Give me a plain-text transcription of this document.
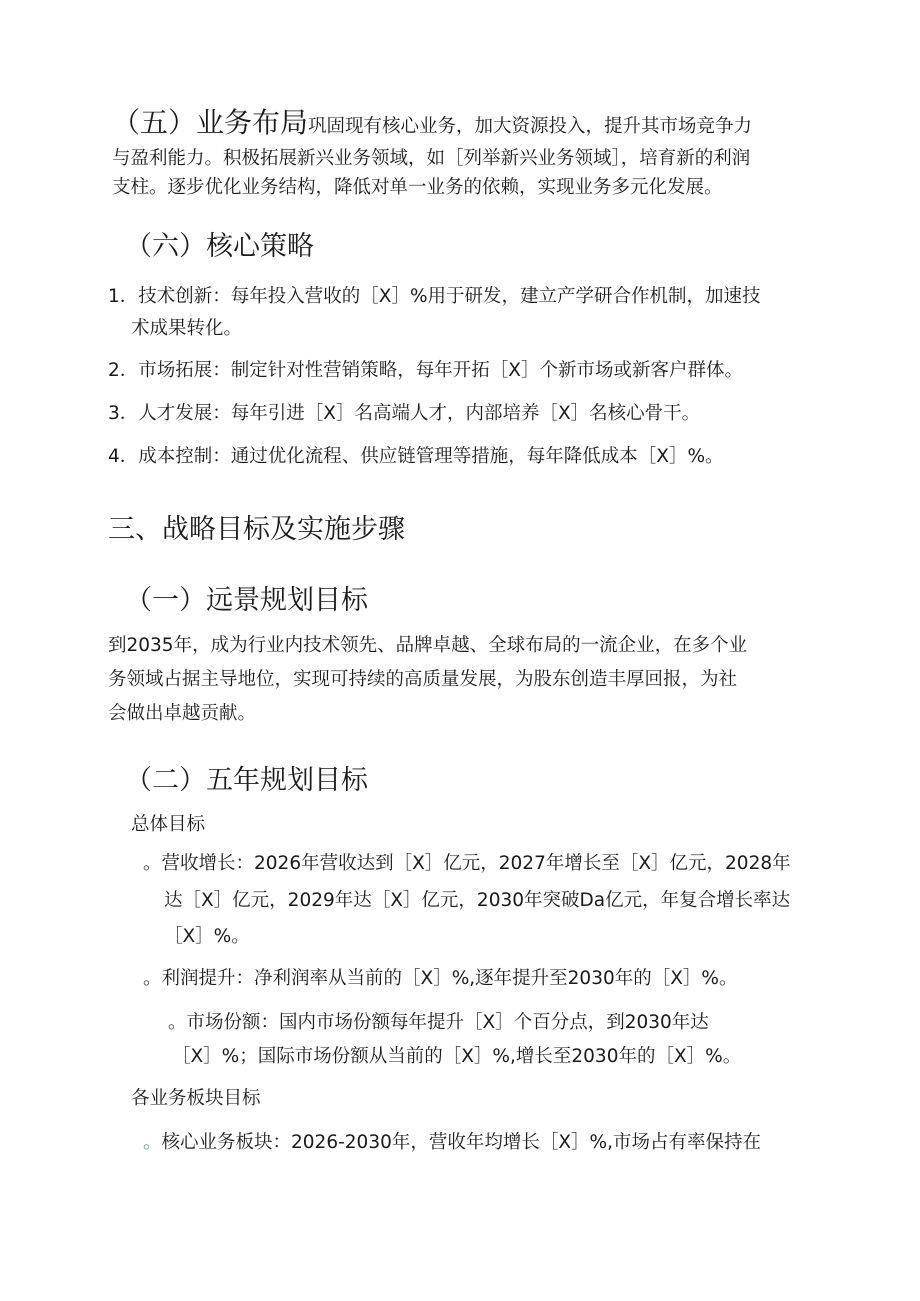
（五）业务布局巩固现有核心业务，加大资源投入，提升其市场竞争力

与盈利能力。积极拓展新兴业务领域，如［列举新兴业务领域］，培育新的利润

支柱。逐步优化业务结构，降低对单一业务的依赖，实现业务多元化发展。

（六）核心策略

1．技术创新：每年投入营收的［X］%用于研发，建立产学研合作机制，加速技

术成果转化。

2．市场拓展：制定针对性营销策略，每年开拓［X］个新市场或新客户群体。

3．人才发展：每年引进［X］名高端人才，内部培养［X］名核心骨干。

4．成本控制：通过优化流程、供应链管理等措施，每年降低成本［X］%。

三、战略目标及实施步骤

（一）远景规划目标

到2035年，成为行业内技术领先、品牌卓越、全球布局的一流企业，在多个业

务领域占据主导地位，实现可持续的高质量发展，为股东创造丰厚回报，为社

会做出卓越贡献。

（二）五年规划目标

总体目标

。营收增长：2026年营收达到［X］亿元，2027年增长至［X］亿元，2028年

达［X］亿元，2029年达［X］亿元，2030年突破Da亿元，年复合增长率达

［X］%。

。利润提升：净利润率从当前的［X］%,逐年提升至2030年的［X］%。

。市场份额：国内市场份额每年提升［X］个百分点，到2030年达

［X］%；国际市场份额从当前的［X］%,增长至2030年的［X］%。

各业务板块目标

。核心业务板块：2026-2030年，营收年均增长［X］%,市场占有率保持在
